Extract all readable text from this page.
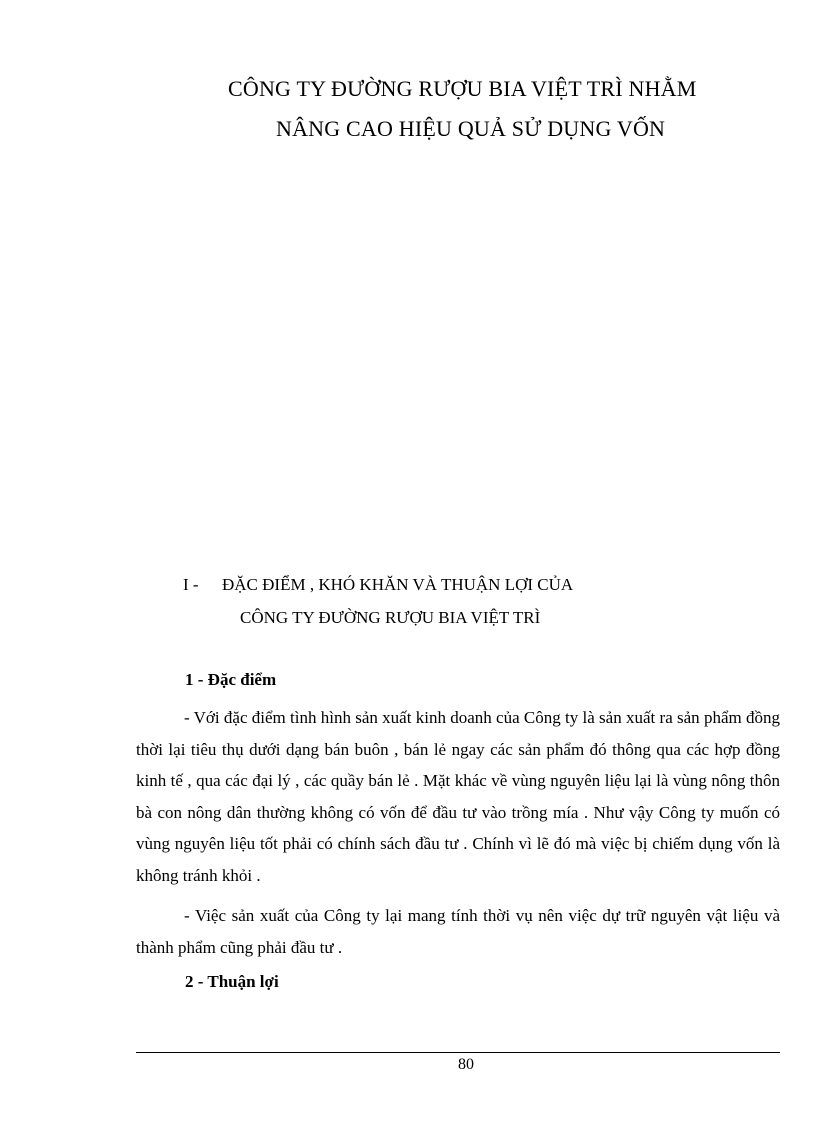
CÔNG TY ĐƯỜNG RƯỢU BIA VIỆT TRÌ NHẰM
NÂNG CAO HIỆU QUẢ SỬ DỤNG VỐN
I - ĐẶC ĐIỂM , KHÓ KHĂN VÀ THUẬN LỢI CỦA
CÔNG TY ĐƯỜNG RƯỢU BIA VIỆT TRÌ
1 - Đặc điểm

- Với đặc điểm tình hình sản xuất kinh doanh của Công ty là sản xuất ra sản phẩm đồng thời lại tiêu thụ dưới dạng bán buôn , bán lẻ ngay các sản phẩm đó thông qua các hợp đồng kinh tế , qua các đại lý , các quầy bán lẻ . Mặt khác về vùng nguyên liệu lại là vùng nông thôn bà con nông dân thường không có vốn để đầu tư vào trồng mía . Như vậy Công ty muốn có vùng nguyên liệu tốt phải có chính sách đầu tư . Chính vì lẽ đó mà việc bị chiếm dụng vốn là không tránh khỏi .

- Việc sản xuất của Công ty lại mang tính thời vụ nên việc dự trữ nguyên vật liệu và thành phẩm cũng phải đầu tư .

2 - Thuận lợi
80
